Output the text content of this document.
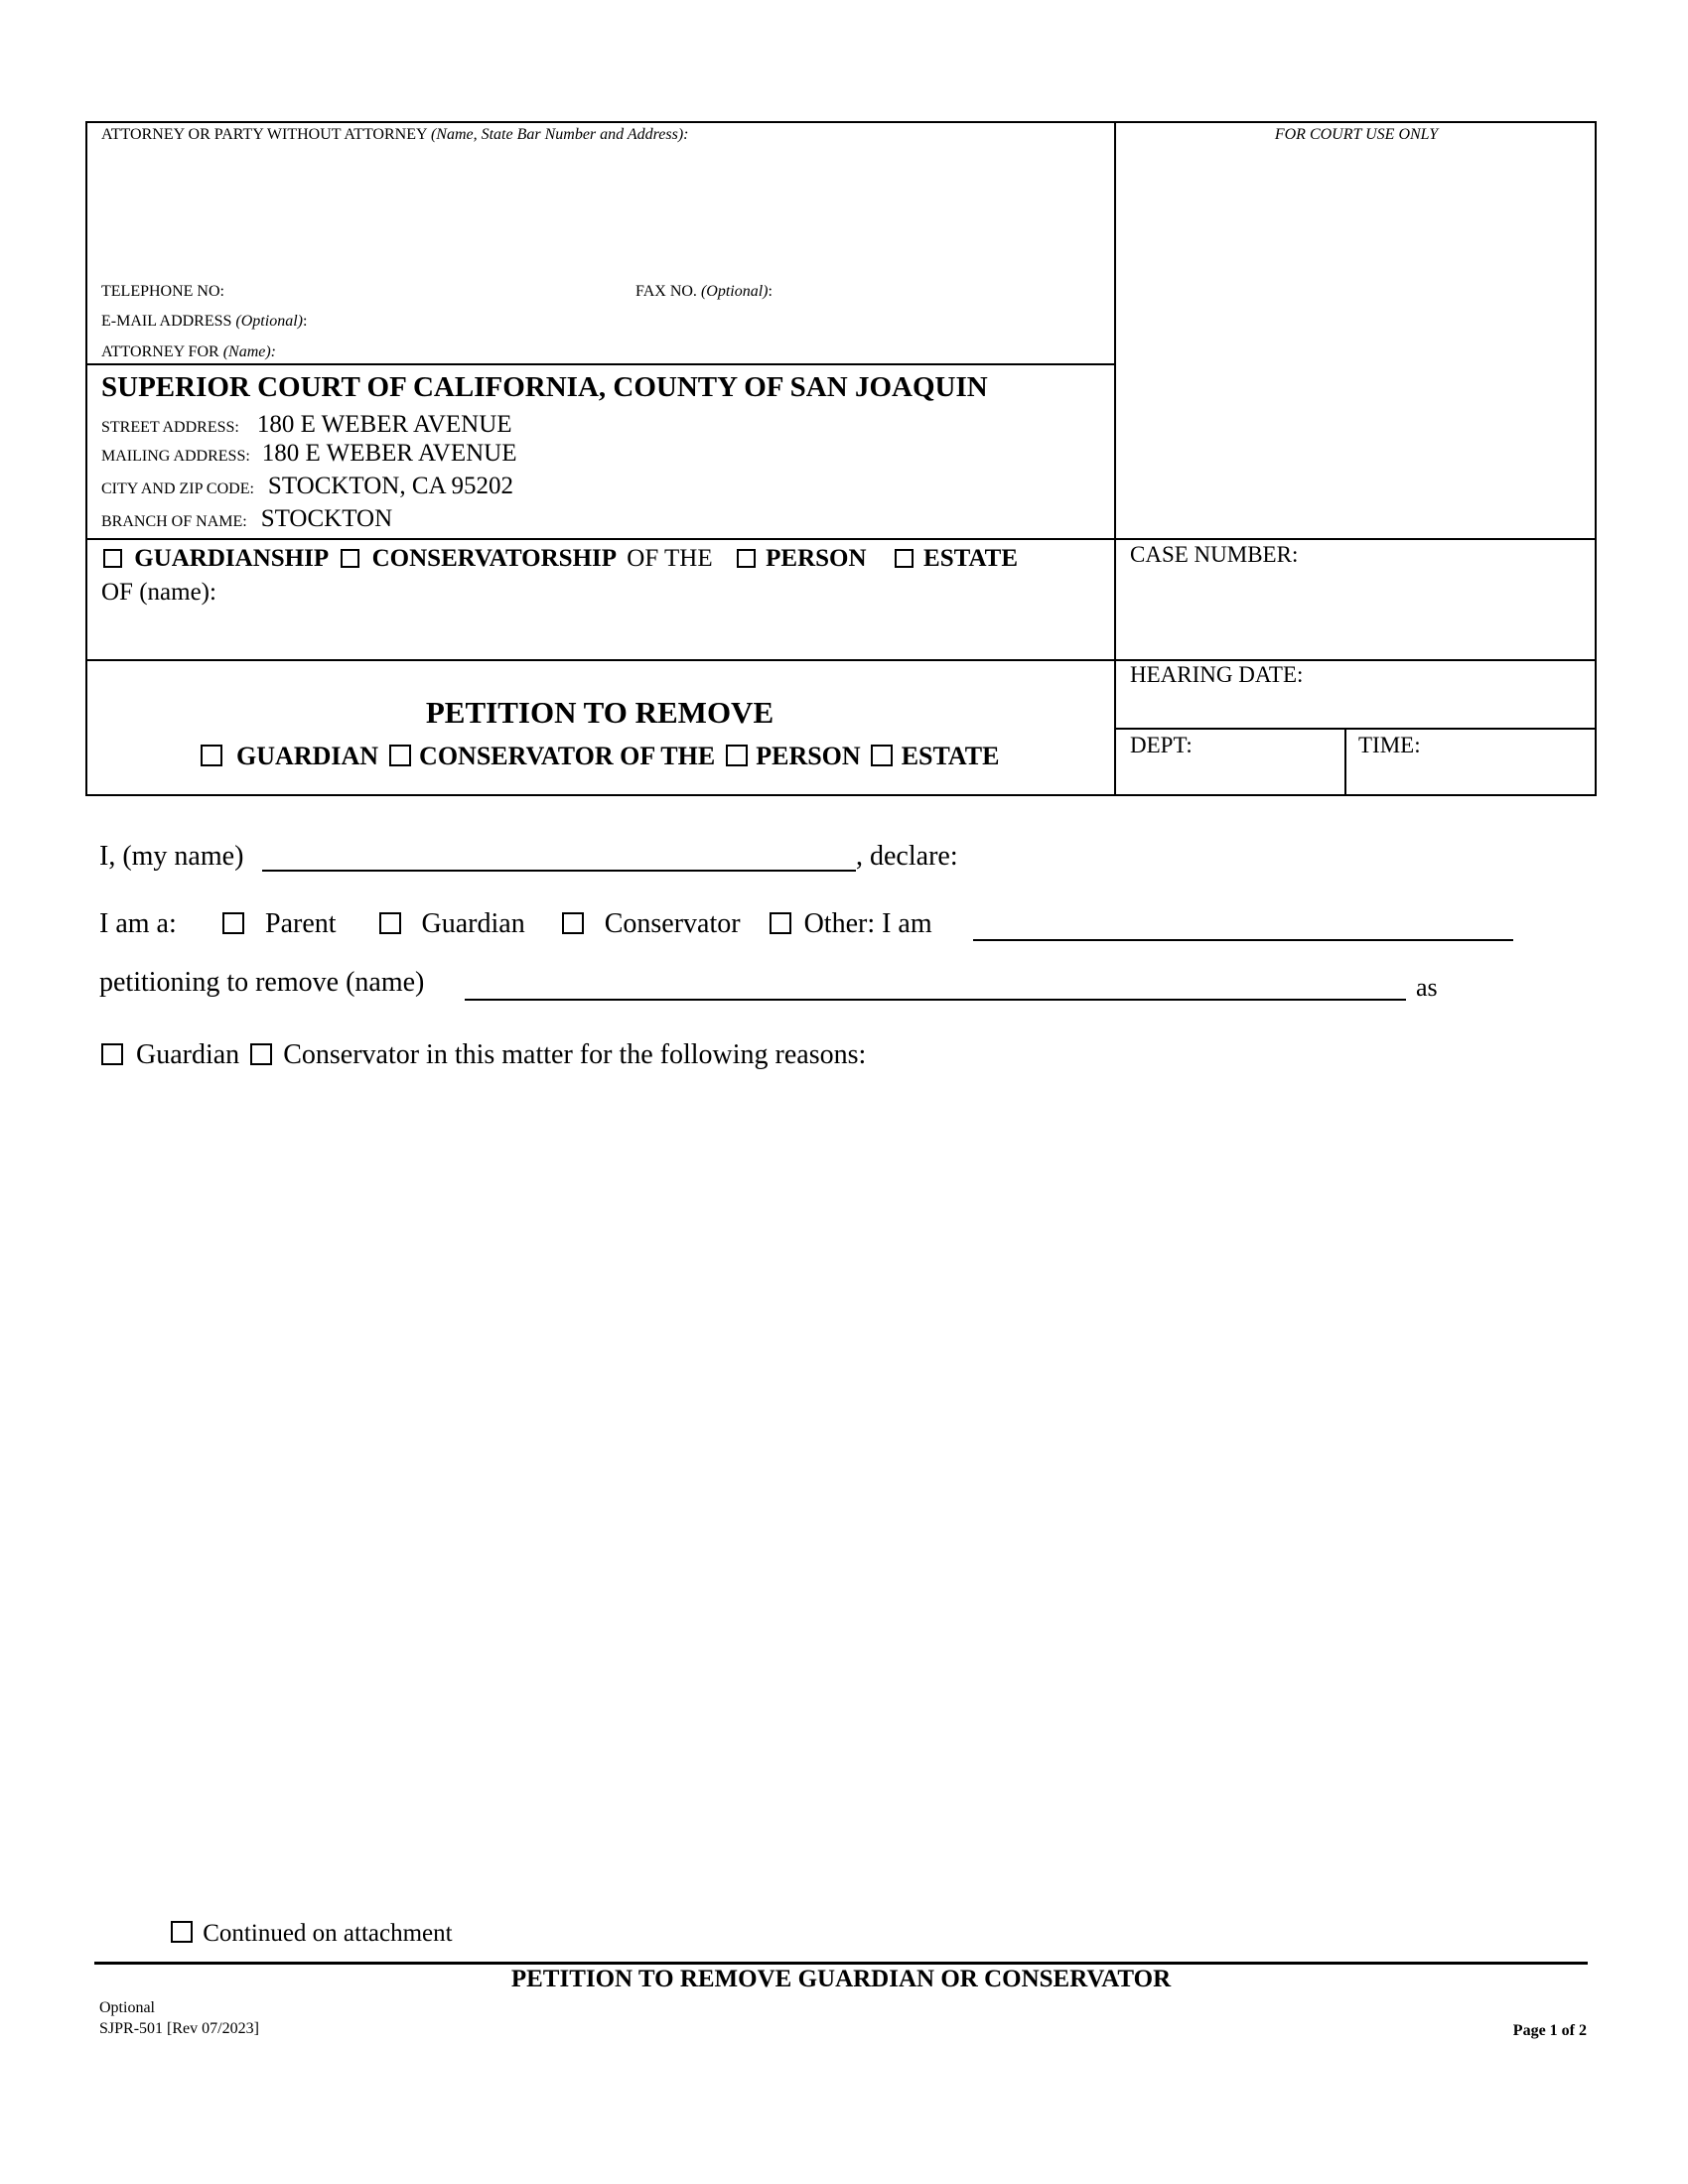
ATTORNEY OR PARTY WITHOUT ATTORNEY (Name, State Bar Number and Address):	FOR COURT USE ONLY
TELEPHONE NO:	FAX NO. (Optional):
E-MAIL ADDRESS (Optional):
ATTORNEY FOR (Name):
SUPERIOR COURT OF CALIFORNIA, COUNTY OF SAN JOAQUIN
STREET ADDRESS: 180 E WEBER AVENUE
MAILING ADDRESS: 180 E WEBER AVENUE
CITY AND ZIP CODE: STOCKTON, CA 95202
BRANCH OF NAME: STOCKTON
GUARDIANSHIP CONSERVATORSHIP OF THE PERSON ESTATE
OF (name):
CASE NUMBER:
PETITION TO REMOVE
GUARDIAN CONSERVATOR OF THE PERSON ESTATE
HEARING DATE:
DEPT:	TIME:
I, (my name)	, declare:
I am a:	Parent	Guardian	Conservator Other: I am
petitioning to remove (name)	as
Guardian Conservator in this matter for the following reasons:
Continued on attachment
PETITION TO REMOVE GUARDIAN OR CONSERVATOR
Optional
SJPR-501 [Rev 07/2023]	Page 1 of 2
